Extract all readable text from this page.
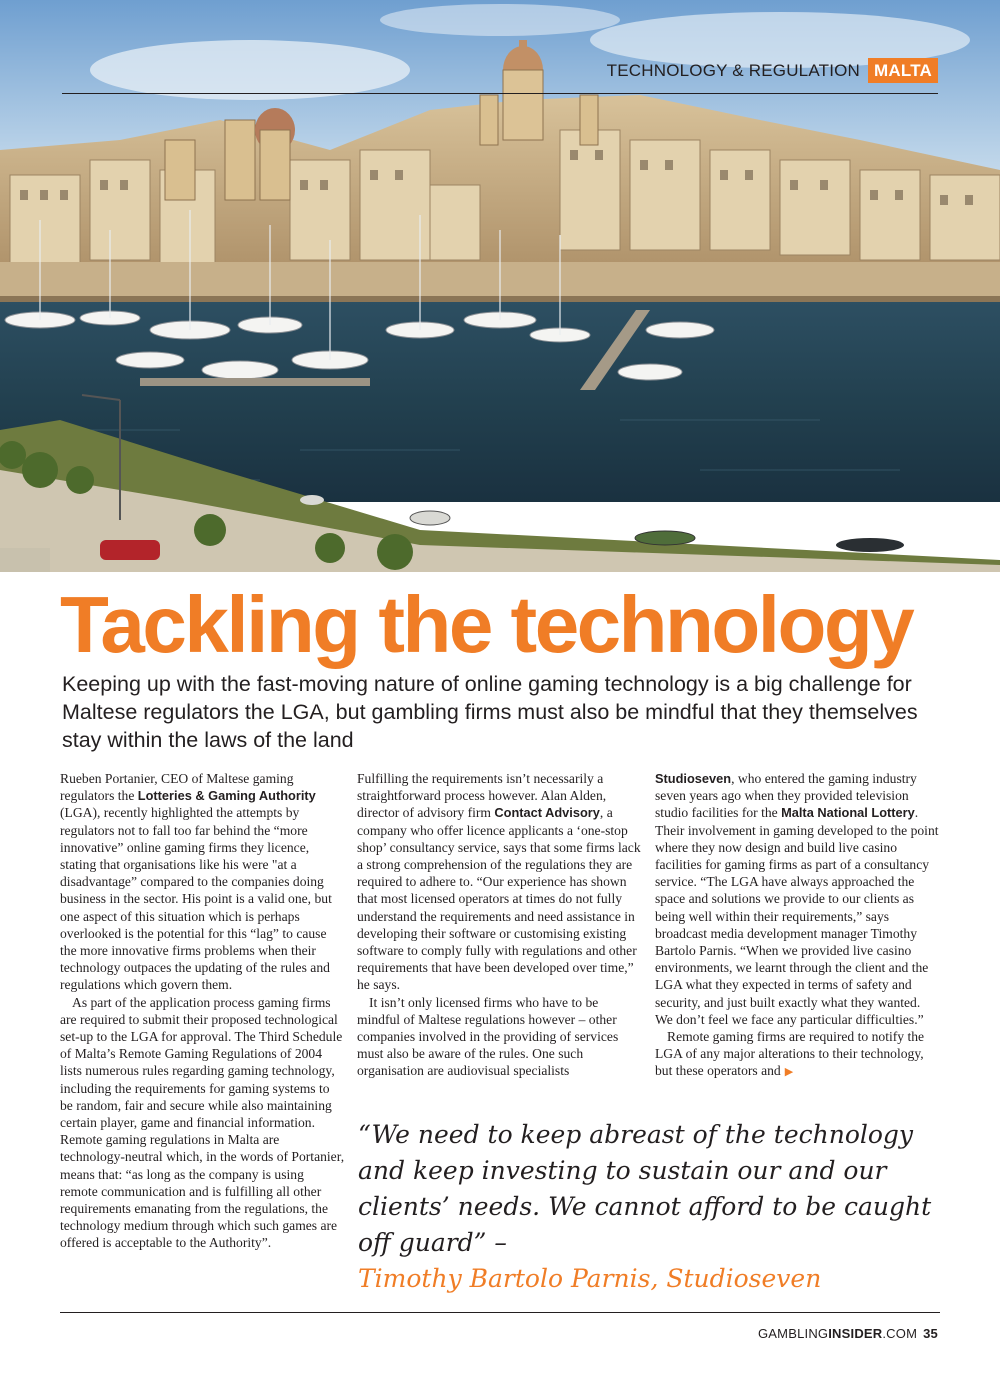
TECHNOLOGY & REGULATION MALTA
Tackling the technology

Keeping up with the fast-moving nature of online gaming technology is a big challenge for Maltese regulators the LGA, but gambling firms must also be mindful that they themselves stay within the laws of the land

Rueben Portanier, CEO of Maltese gaming regulators the Lotteries & Gaming Authority (LGA), recently highlighted the attempts by regulators not to fall too far behind the “more innovative” online gaming firms they licence, stating that organisations like his were "at a disadvantage” compared to the companies doing business in the sector. His point is a valid one, but one aspect of this situation which is perhaps overlooked is the potential for this “lag” to cause the more innovative firms problems when their technology outpaces the updating of the rules and regulations which govern them.

As part of the application process gaming firms are required to submit their proposed technological set-up to the LGA for approval. The Third Schedule of Malta’s Remote Gaming Regulations of 2004 lists numerous rules regarding gaming technology, including the requirements for gaming systems to be random, fair and secure while also maintaining certain player, game and financial information. Remote gaming regulations in Malta are technology-neutral which, in the words of Portanier, means that: “as long as the company is using remote communication and is fulfilling all other requirements emanating from the regulations, the technology medium through which such games are offered is acceptable to the Authority”.

Fulfilling the requirements isn’t necessarily a straightforward process however. Alan Alden, director of advisory firm Contact Advisory, a company who offer licence applicants a ‘one-stop shop’ consultancy service, says that some firms lack a strong comprehension of the regulations they are required to adhere to. “Our experience has shown that most licensed operators at times do not fully understand the requirements and need assistance in developing their software or customising existing software to comply fully with regulations and other requirements that have been developed over time,” he says.

It isn’t only licensed firms who have to be mindful of Maltese regulations however – other companies involved in the providing of services must also be aware of the rules. One such organisation are audiovisual specialists

Studioseven, who entered the gaming industry seven years ago when they provided television studio facilities for the Malta National Lottery. Their involvement in gaming developed to the point where they now design and build live casino facilities for gaming firms as part of a consultancy service. “The LGA have always approached the space and solutions we provide to our clients as being well within their requirements,” says broadcast media development manager Timothy Bartolo Parnis. “When we provided live casino environments, we learnt through the client and the LGA what they expected in terms of safety and security, and just built exactly what they wanted. We don’t feel we face any particular difficulties.”

Remote gaming firms are required to notify the LGA of any major alterations to their technology, but these operators and ▶

“We need to keep abreast of the technology and keep investing to sustain our and our clients’ needs. We cannot afford to be caught off guard” –
Timothy Bartolo Parnis, Studioseven

GAMBLINGINSIDER.COM 35
